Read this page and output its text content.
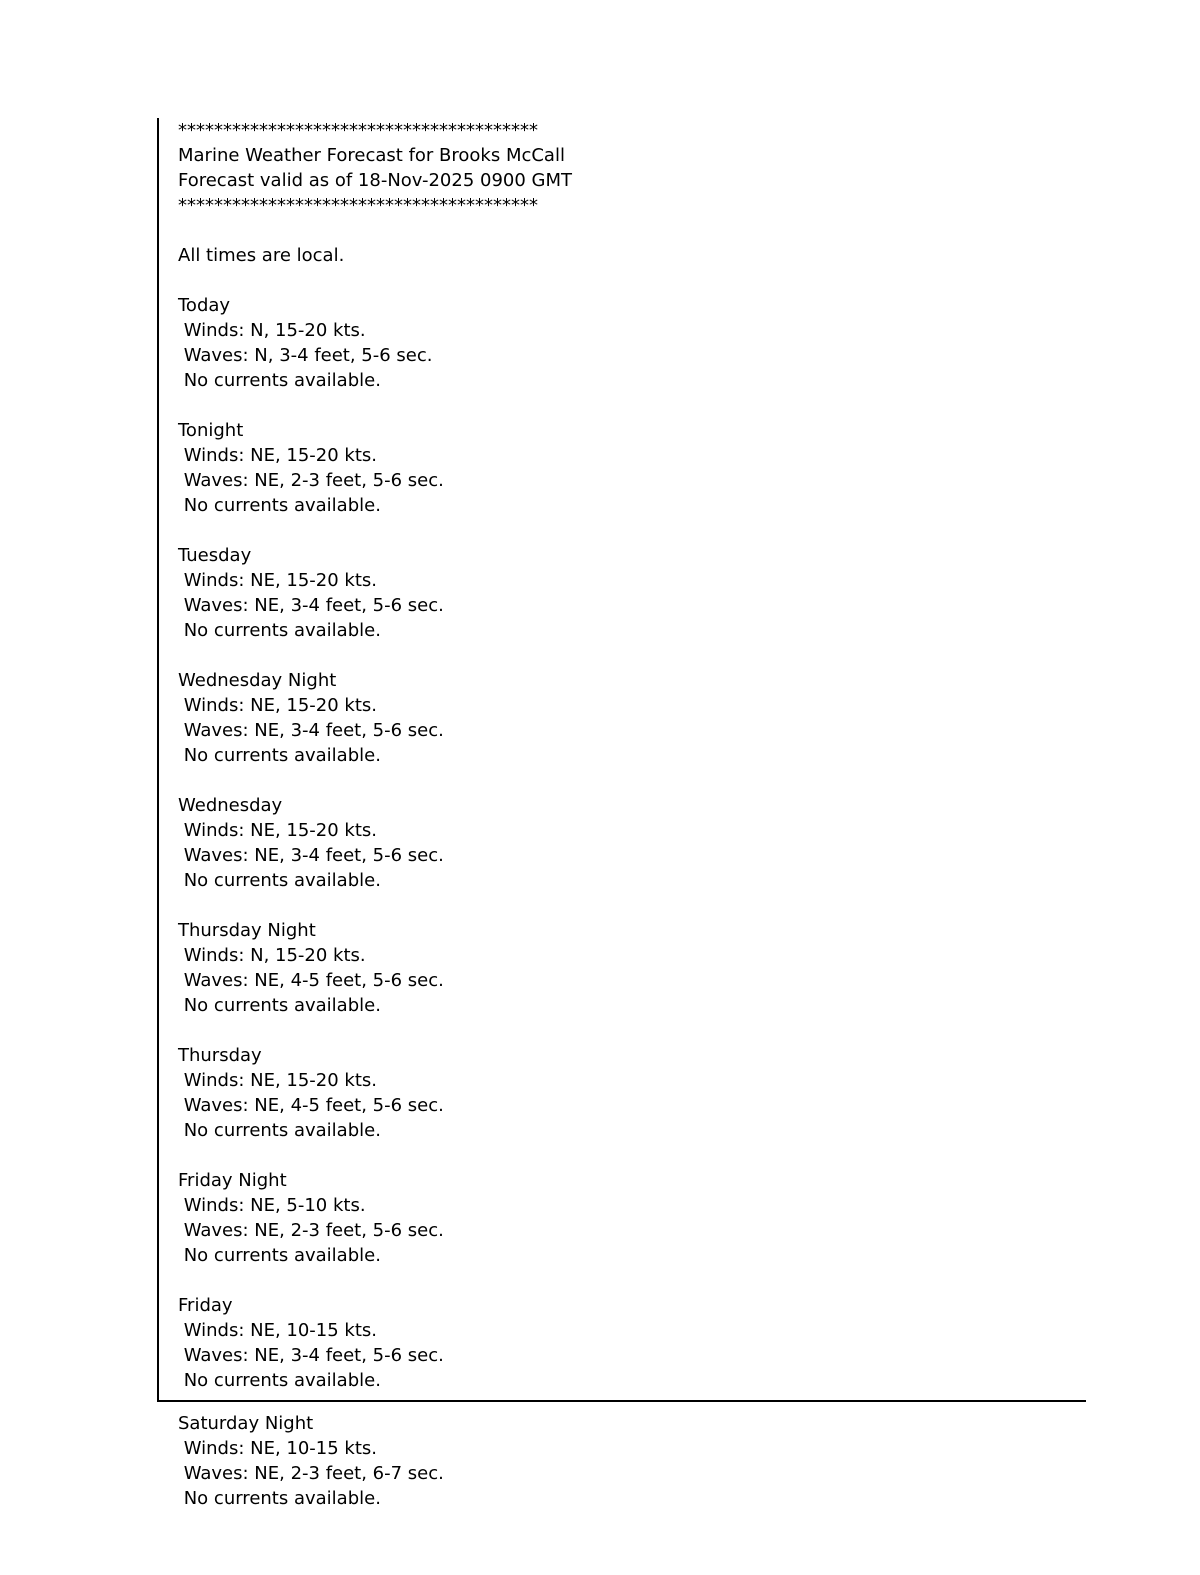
****************************************
Marine Weather Forecast for Brooks McCall
Forecast valid as of 18-Nov-2025 0900 GMT
****************************************
All times are local.
Today
Winds: N, 15-20 kts.
Waves: N, 3-4 feet, 5-6 sec.
No currents available.
Tonight
Winds: NE, 15-20 kts.
Waves: NE, 2-3 feet, 5-6 sec.
No currents available.
Tuesday
Winds: NE, 15-20 kts.
Waves: NE, 3-4 feet, 5-6 sec.
No currents available.
Wednesday Night
Winds: NE, 15-20 kts.
Waves: NE, 3-4 feet, 5-6 sec.
No currents available.
Wednesday
Winds: NE, 15-20 kts.
Waves: NE, 3-4 feet, 5-6 sec.
No currents available.
Thursday Night
Winds: N, 15-20 kts.
Waves: NE, 4-5 feet, 5-6 sec.
No currents available.
Thursday
Winds: NE, 15-20 kts.
Waves: NE, 4-5 feet, 5-6 sec.
No currents available.
Friday Night
Winds: NE, 5-10 kts.
Waves: NE, 2-3 feet, 5-6 sec.
No currents available.
Friday
Winds: NE, 10-15 kts.
Waves: NE, 3-4 feet, 5-6 sec.
No currents available.
Saturday Night
Winds: NE, 10-15 kts.
Waves: NE, 2-3 feet, 6-7 sec.
No currents available.
